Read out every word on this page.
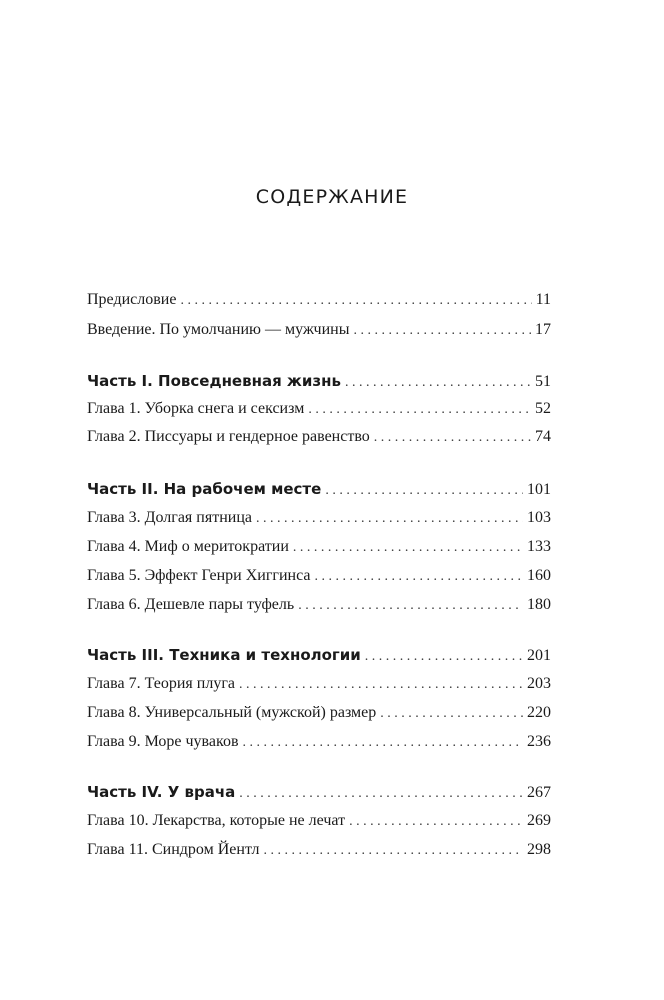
СОДЕРЖАНИЕ
Предисловие . . .	11
Введение. По умолчанию — мужчины . . .	17
Часть I. Повседневная жизнь . . .	51
Глава 1. Уборка снега и сексизм . . .	52
Глава 2. Писсуары и гендерное равенство . . .	74
Часть II. На рабочем месте . . .	101
Глава 3. Долгая пятница . . .	103
Глава 4. Миф о меритократии . . .	133
Глава 5. Эффект Генри Хиггинса . . .	160
Глава 6. Дешевле пары туфель . . .	180
Часть III. Техника и технологии . . .	201
Глава 7. Теория плуга . . .	203
Глава 8. Универсальный (мужской) размер . . .	220
Глава 9. Море чуваков . . .	236
Часть IV. У врача . . .	267
Глава 10. Лекарства, которые не лечат . . .	269
Глава 11. Синдром Йентл . . .	298
